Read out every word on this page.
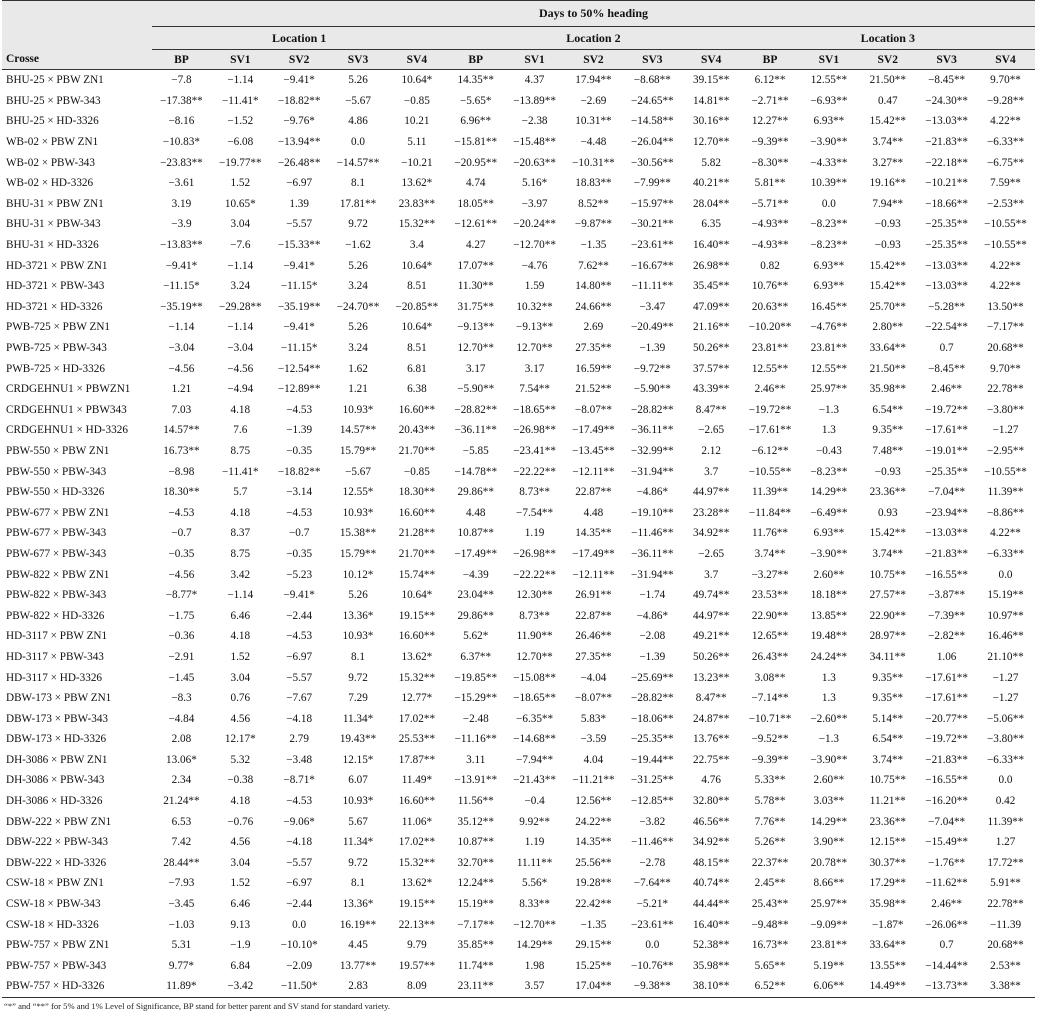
	Days to 50% heading														
	Location 1					Location 2					Location 3				
Crosse	BP	SV1	SV2	SV3	SV4	BP	SV1	SV2	SV3	SV4	BP	SV1	SV2	SV3	SV4
BHU-25 × PBW ZN1	−7.8	−1.14	−9.41*	5.26	10.64*	14.35**	4.37	17.94**	−8.68**	39.15**	6.12**	12.55**	21.50**	−8.45**	9.70**
BHU-25 × PBW-343	−17.38**	−11.41*	−18.82**	−5.67	−0.85	−5.65*	−13.89**	−2.69	−24.65**	14.81**	−2.71**	−6.93**	0.47	−24.30**	−9.28**
BHU-25 × HD-3326	−8.16	−1.52	−9.76*	4.86	10.21	6.96**	−2.38	10.31**	−14.58**	30.16**	12.27**	6.93**	15.42**	−13.03**	4.22**
WB-02 × PBW ZN1	−10.83*	−6.08	−13.94**	0.0	5.11	−15.81**	−15.48**	−4.48	−26.04**	12.70**	−9.39**	−3.90**	3.74**	−21.83**	−6.33**
WB-02 × PBW-343	−23.83**	−19.77**	−26.48**	−14.57**	−10.21	−20.95**	−20.63**	−10.31**	−30.56**	5.82	−8.30**	−4.33**	3.27**	−22.18**	−6.75**
WB-02 × HD-3326	−3.61	1.52	−6.97	8.1	13.62*	4.74	5.16*	18.83**	−7.99**	40.21**	5.81**	10.39**	19.16**	−10.21**	7.59**
BHU-31 × PBW ZN1	3.19	10.65*	1.39	17.81**	23.83**	18.05**	−3.97	8.52**	−15.97**	28.04**	−5.71**	0.0	7.94**	−18.66**	−2.53**
BHU-31 × PBW-343	−3.9	3.04	−5.57	9.72	15.32**	−12.61**	−20.24**	−9.87**	−30.21**	6.35	−4.93**	−8.23**	−0.93	−25.35**	−10.55**
BHU-31 × HD-3326	−13.83**	−7.6	−15.33**	−1.62	3.4	4.27	−12.70**	−1.35	−23.61**	16.40**	−4.93**	−8.23**	−0.93	−25.35**	−10.55**
HD-3721 × PBW ZN1	−9.41*	−1.14	−9.41*	5.26	10.64*	17.07**	−4.76	7.62**	−16.67**	26.98**	0.82	6.93**	15.42**	−13.03**	4.22**
HD-3721 × PBW-343	−11.15*	3.24	−11.15*	3.24	8.51	11.30**	1.59	14.80**	−11.11**	35.45**	10.76**	6.93**	15.42**	−13.03**	4.22**
HD-3721 × HD-3326	−35.19**	−29.28**	−35.19**	−24.70**	−20.85**	31.75**	10.32**	24.66**	−3.47	47.09**	20.63**	16.45**	25.70**	−5.28**	13.50**
PWB-725 × PBW ZN1	−1.14	−1.14	−9.41*	5.26	10.64*	−9.13**	−9.13**	2.69	−20.49**	21.16**	−10.20**	−4.76**	2.80**	−22.54**	−7.17**
PWB-725 × PBW-343	−3.04	−3.04	−11.15*	3.24	8.51	12.70**	12.70**	27.35**	−1.39	50.26**	23.81**	23.81**	33.64**	0.7	20.68**
PWB-725 × HD-3326	−4.56	−4.56	−12.54**	1.62	6.81	3.17	3.17	16.59**	−9.72**	37.57**	12.55**	12.55**	21.50**	−8.45**	9.70**
CRDGEHNU1 × PBWZN1	1.21	−4.94	−12.89**	1.21	6.38	−5.90**	7.54**	21.52**	−5.90**	43.39**	2.46**	25.97**	35.98**	2.46**	22.78**
CRDGEHNU1 × PBW343	7.03	4.18	−4.53	10.93*	16.60**	−28.82**	−18.65**	−8.07**	−28.82**	8.47**	−19.72**	−1.3	6.54**	−19.72**	−3.80**
CRDGEHNU1 × HD-3326	14.57**	7.6	−1.39	14.57**	20.43**	−36.11**	−26.98**	−17.49**	−36.11**	−2.65	−17.61**	1.3	9.35**	−17.61**	−1.27
PBW-550 × PBW ZN1	16.73**	8.75	−0.35	15.79**	21.70**	−5.85	−23.41**	−13.45**	−32.99**	2.12	−6.12**	−0.43	7.48**	−19.01**	−2.95**
PBW-550 × PBW-343	−8.98	−11.41*	−18.82**	−5.67	−0.85	−14.78**	−22.22**	−12.11**	−31.94**	3.7	−10.55**	−8.23**	−0.93	−25.35**	−10.55**
PBW-550 × HD-3326	18.30**	5.7	−3.14	12.55*	18.30**	29.86**	8.73**	22.87**	−4.86*	44.97**	11.39**	14.29**	23.36**	−7.04**	11.39**
PBW-677 × PBW ZN1	−4.53	4.18	−4.53	10.93*	16.60**	4.48	−7.54**	4.48	−19.10**	23.28**	−11.84**	−6.49**	0.93	−23.94**	−8.86**
PBW-677 × PBW-343	−0.7	8.37	−0.7	15.38**	21.28**	10.87**	1.19	14.35**	−11.46**	34.92**	11.76**	6.93**	15.42**	−13.03**	4.22**
PBW-677 × PBW-343	−0.35	8.75	−0.35	15.79**	21.70**	−17.49**	−26.98**	−17.49**	−36.11**	−2.65	3.74**	−3.90**	3.74**	−21.83**	−6.33**
PBW-822 × PBW ZN1	−4.56	3.42	−5.23	10.12*	15.74**	−4.39	−22.22**	−12.11**	−31.94**	3.7	−3.27**	2.60**	10.75**	−16.55**	0.0
PBW-822 × PBW-343	−8.77*	−1.14	−9.41*	5.26	10.64*	23.04**	12.30**	26.91**	−1.74	49.74**	23.53**	18.18**	27.57**	−3.87**	15.19**
PBW-822 × HD-3326	−1.75	6.46	−2.44	13.36*	19.15**	29.86**	8.73**	22.87**	−4.86*	44.97**	22.90**	13.85**	22.90**	−7.39**	10.97**
HD-3117 × PBW ZN1	−0.36	4.18	−4.53	10.93*	16.60**	5.62*	11.90**	26.46**	−2.08	49.21**	12.65**	19.48**	28.97**	−2.82**	16.46**
HD-3117 × PBW-343	−2.91	1.52	−6.97	8.1	13.62*	6.37**	12.70**	27.35**	−1.39	50.26**	26.43**	24.24**	34.11**	1.06	21.10**
HD-3117 × HD-3326	−1.45	3.04	−5.57	9.72	15.32**	−19.85**	−15.08**	−4.04	−25.69**	13.23**	3.08**	1.3	9.35**	−17.61**	−1.27
DBW-173 × PBW ZN1	−8.3	0.76	−7.67	7.29	12.77*	−15.29**	−18.65**	−8.07**	−28.82**	8.47**	−7.14**	1.3	9.35**	−17.61**	−1.27
DBW-173 × PBW-343	−4.84	4.56	−4.18	11.34*	17.02**	−2.48	−6.35**	5.83*	−18.06**	24.87**	−10.71**	−2.60**	5.14**	−20.77**	−5.06**
DBW-173 × HD-3326	2.08	12.17*	2.79	19.43**	25.53**	−11.16**	−14.68**	−3.59	−25.35**	13.76**	−9.52**	−1.3	6.54**	−19.72**	−3.80**
DH-3086 × PBW ZN1	13.06*	5.32	−3.48	12.15*	17.87**	3.11	−7.94**	4.04	−19.44**	22.75**	−9.39**	−3.90**	3.74**	−21.83**	−6.33**
DH-3086 × PBW-343	2.34	−0.38	−8.71*	6.07	11.49*	−13.91**	−21.43**	−11.21**	−31.25**	4.76	5.33**	2.60**	10.75**	−16.55**	0.0
DH-3086 × HD-3326	21.24**	4.18	−4.53	10.93*	16.60**	11.56**	−0.4	12.56**	−12.85**	32.80**	5.78**	3.03**	11.21**	−16.20**	0.42
DBW-222 × PBW ZN1	6.53	−0.76	−9.06*	5.67	11.06*	35.12**	9.92**	24.22**	−3.82	46.56**	7.76**	14.29**	23.36**	−7.04**	11.39**
DBW-222 × PBW-343	7.42	4.56	−4.18	11.34*	17.02**	10.87**	1.19	14.35**	−11.46**	34.92**	5.26**	3.90**	12.15**	−15.49**	1.27
DBW-222 × HD-3326	28.44**	3.04	−5.57	9.72	15.32**	32.70**	11.11**	25.56**	−2.78	48.15**	22.37**	20.78**	30.37**	−1.76**	17.72**
CSW-18 × PBW ZN1	−7.93	1.52	−6.97	8.1	13.62*	12.24**	5.56*	19.28**	−7.64**	40.74**	2.45**	8.66**	17.29**	−11.62**	5.91**
CSW-18 × PBW-343	−3.45	6.46	−2.44	13.36*	19.15**	15.19**	8.33**	22.42**	−5.21*	44.44**	25.43**	25.97**	35.98**	2.46**	22.78**
CSW-18 × HD-3326	−1.03	9.13	0.0	16.19**	22.13**	−7.17**	−12.70**	−1.35	−23.61**	16.40**	−9.48**	−9.09**	−1.87*	−26.06**	−11.39
PBW-757 × PBW ZN1	5.31	−1.9	−10.10*	4.45	9.79	35.85**	14.29**	29.15**	0.0	52.38**	16.73**	23.81**	33.64**	0.7	20.68**
PBW-757 × PBW-343	9.77*	6.84	−2.09	13.77**	19.57**	11.74**	1.98	15.25**	−10.76**	35.98**	5.65**	5.19**	13.55**	−14.44**	2.53**
PBW-757 × HD-3326	11.89*	−3.42	−11.50*	2.83	8.09	23.11**	3.57	17.04**	−9.38**	38.10**	6.52**	6.06**	14.49**	−13.73**	3.38**
“*” and “**” for 5% and 1% Level of Significance, BP stand for better parent and SV stand for standard variety.
